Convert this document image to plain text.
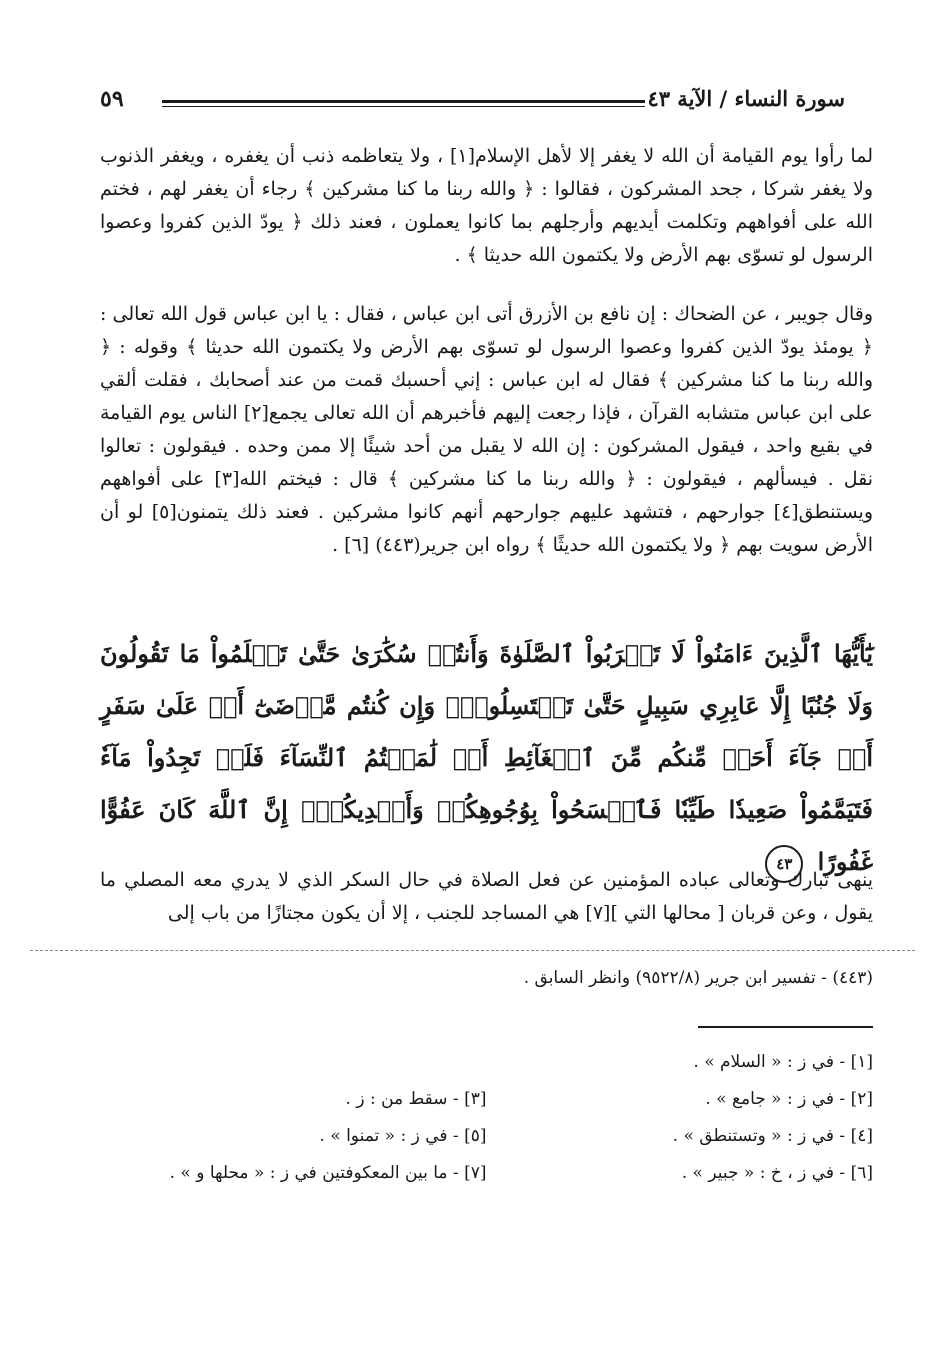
سورة النساء / الآية ٤٣
٥٩
لما رأوا يوم القيامة أن الله لا يغفر إلا لأهل الإسلام[١] ، ولا يتعاظمه ذنب أن يغفره ، ويغفر الذنوب ولا يغفر شركا ، جحد المشركون ، فقالوا : ﴿ والله ربنا ما كنا مشركين ﴾ رجاء أن يغفر لهم ، فختم الله على أفواههم وتكلمت أيديهم وأرجلهم بما كانوا يعملون ، فعند ذلك ﴿ يودّ الذين كفروا وعصوا الرسول لو تسوّى بهم الأرض ولا يكتمون الله حديثا ﴾ .
وقال جويبر ، عن الضحاك : إن نافع بن الأزرق أتى ابن عباس ، فقال : يا ابن عباس قول الله تعالى : ﴿ يومئذ يودّ الذين كفروا وعصوا الرسول لو تسوّى بهم الأرض ولا يكتمون الله حديثا ﴾ وقوله : ﴿ والله ربنا ما كنا مشركين ﴾ فقال له ابن عباس : إني أحسبك قمت من عند أصحابك ، فقلت ألقي على ابن عباس متشابه القرآن ، فإذا رجعت إليهم فأخبرهم أن الله تعالى يجمع[٢] الناس يوم القيامة في بقيع واحد ، فيقول المشركون : إن الله لا يقبل من أحد شيئًا إلا ممن وحده . فيقولون : تعالوا نقل . فيسألهم ، فيقولون : ﴿ والله ربنا ما كنا مشركين ﴾ قال : فيختم الله[٣] على أفواههم ويستنطق[٤] جوارحهم ، فتشهد عليهم جوارحهم أنهم كانوا مشركين . فعند ذلك يتمنون[٥] لو أن الأرض سويت بهم ﴿ ولا يكتمون الله حديثًا ﴾ رواه ابن جرير(٤٤٣) [٦] .
يَٰٓأَيُّهَا ٱلَّذِينَ ءَامَنُواْ لَا تَقۡرَبُواْ ٱلصَّلَوٰةَ وَأَنتُمۡ سُكَٰرَىٰ حَتَّىٰ تَعۡلَمُواْ مَا تَقُولُونَ وَلَا جُنُبًا إِلَّا عَابِرِي سَبِيلٍ حَتَّىٰ تَغۡتَسِلُواْۚ وَإِن كُنتُم مَّرۡضَىٰٓ أَوۡ عَلَىٰ سَفَرٍ أَوۡ جَآءَ أَحَدٞ مِّنكُم مِّنَ ٱلۡغَآئِطِ أَوۡ لَٰمَسۡتُمُ ٱلنِّسَآءَ فَلَمۡ تَجِدُواْ مَآءٗ فَتَيَمَّمُواْ صَعِيدٗا طَيِّبٗا فَٱمۡسَحُواْ بِوُجُوهِكُمۡ وَأَيۡدِيكُمۡۗ إِنَّ ٱللَّهَ كَانَ عَفُوًّا غَفُورًا ٤٣
ينهى تبارك وتعالى عباده المؤمنين عن فعل الصلاة في حال السكر الذي لا يدري معه المصلي ما يقول ، وعن قربان [ محالها التي ][٧] هي المساجد للجنب ، إلا أن يكون مجتازًا من باب إلى
(٤٤٣) - تفسير ابن جرير (٩٥٢٢/٨) وانظر السابق .
[١] - في ز : « السلام » .
[٢] - في ز : « جامع » .
[٣] - سقط من : ز .
[٤] - في ز : « وتستنطق » .
[٥] - في ز : « تمنوا » .
[٦] - في ز ، خ : « جبير » .
[٧] - ما بين المعكوفتين في ز : « محلها و » .
